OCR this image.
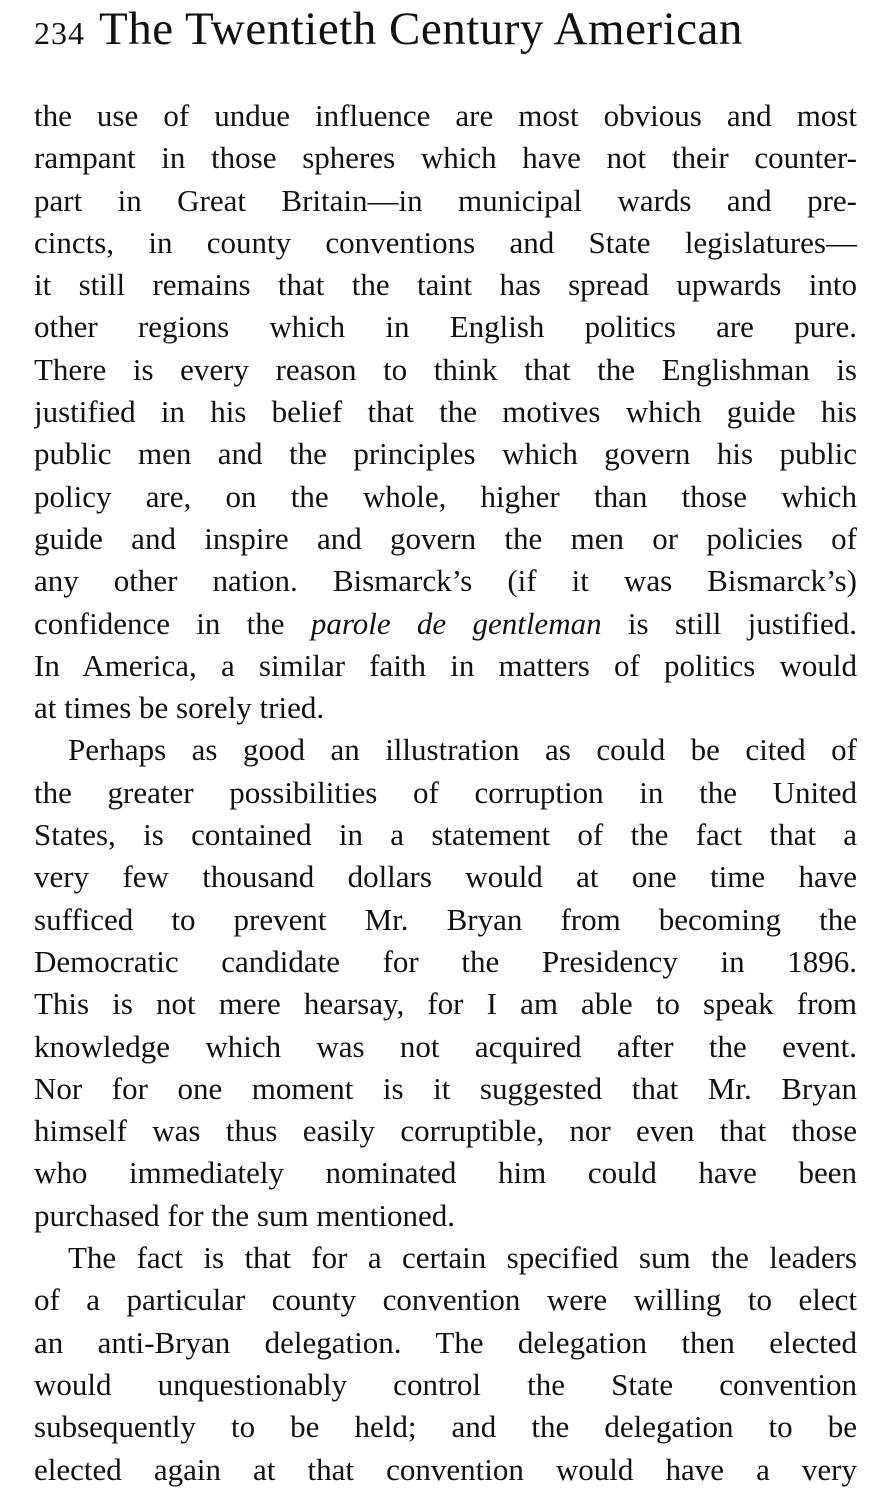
234 The Twentieth Century American
the use of undue influence are most obvious and most
rampant in those spheres which have not their counter-
part in Great Britain—in municipal wards and pre-
cincts, in county conventions and State legislatures—
it still remains that the taint has spread upwards into
other regions which in English politics are pure.
There is every reason to think that the Englishman is
justified in his belief that the motives which guide his
public men and the principles which govern his public
policy are, on the whole, higher than those which
guide and inspire and govern the men or policies of
any other nation. Bismarck’s (if it was Bismarck’s)
confidence in the parole de gentleman is still justified.
In America, a similar faith in matters of politics would
at times be sorely tried.
Perhaps as good an illustration as could be cited of
the greater possibilities of corruption in the United
States, is contained in a statement of the fact that a
very few thousand dollars would at one time have
sufficed to prevent Mr. Bryan from becoming the
Democratic candidate for the Presidency in 1896.
This is not mere hearsay, for I am able to speak from
knowledge which was not acquired after the event.
Nor for one moment is it suggested that Mr. Bryan
himself was thus easily corruptible, nor even that those
who immediately nominated him could have been
purchased for the sum mentioned.
The fact is that for a certain specified sum the leaders
of a particular county convention were willing to elect
an anti-Bryan delegation. The delegation then elected
would unquestionably control the State convention
subsequently to be held; and the delegation to be
elected again at that convention would have a very
